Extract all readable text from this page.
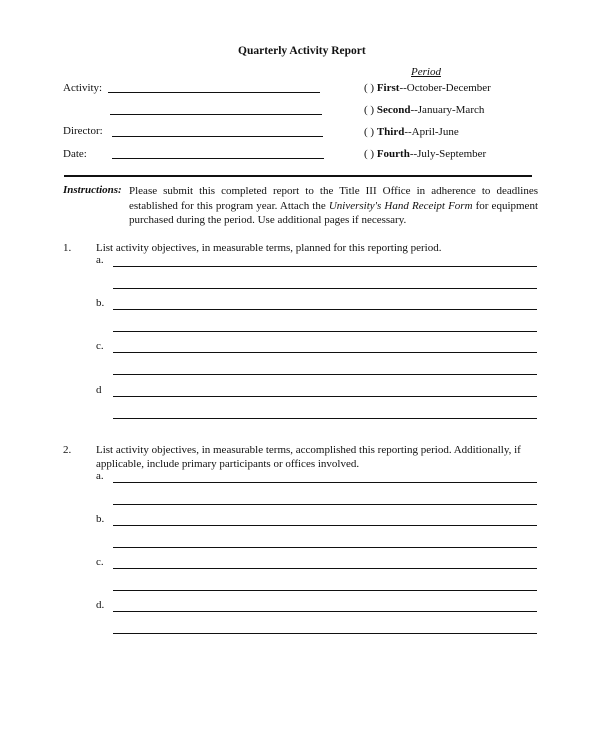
Quarterly Activity Report
Period
Activity:
Director:
Date:
( ) First--October-December
( ) Second--January-March
( ) Third--April-June
( ) Fourth--July-September
Instructions: Please submit this completed report to the Title III Office in adherence to deadlines established for this program year. Attach the University's Hand Receipt Form for equipment purchased during the period. Use additional pages if necessary.
1. List activity objectives, in measurable terms, planned for this reporting period.
2. List activity objectives, in measurable terms, accomplished this reporting period. Additionally, if
applicable, include primary participants or offices involved.
a.
b.
c.
d
a.
b.
c.
d.
